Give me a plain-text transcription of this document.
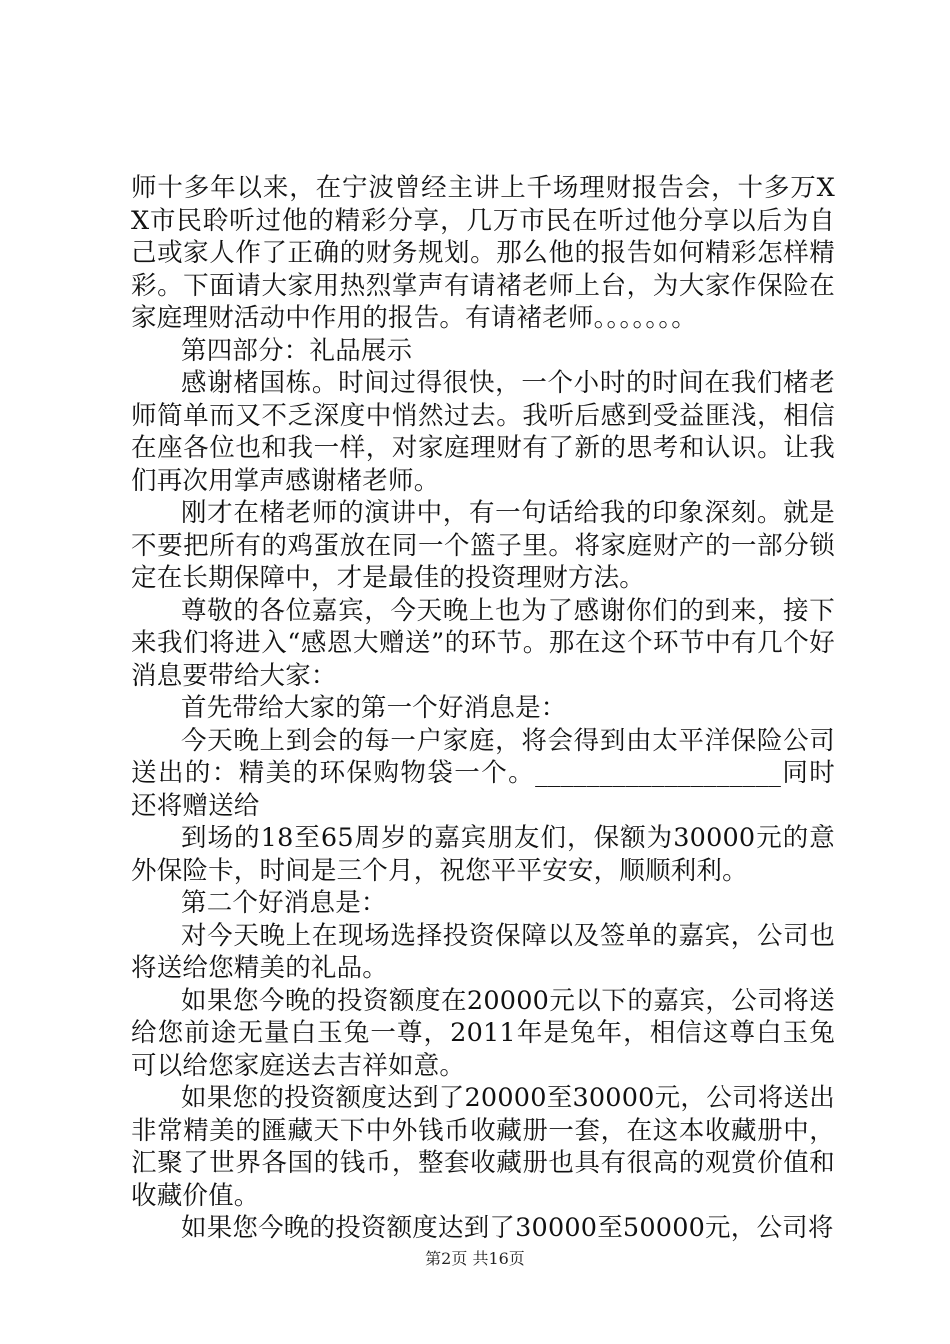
师十多年以来，在宁波曾经主讲上千场理财报告会，十多万XX市民聆听过他的精彩分享，几万市民在听过他分享以后为自己或家人作了正确的财务规划。那么他的报告如何精彩怎样精彩。下面请大家用热烈掌声有请褚老师上台，为大家作保险在家庭理财活动中作用的报告。有请褚老师。。。。。。。

第四部分：礼品展示

感谢楮国栋。时间过得很快，一个小时的时间在我们楮老师简单而又不乏深度中悄然过去。我听后感到受益匪浅，相信在座各位也和我一样，对家庭理财有了新的思考和认识。让我们再次用掌声感谢楮老师。

刚才在楮老师的演讲中，有一句话给我的印象深刻。就是不要把所有的鸡蛋放在同一个篮子里。将家庭财产的一部分锁定在长期保障中，才是最佳的投资理财方法。

尊敬的各位嘉宾，今天晚上也为了感谢你们的到来，接下来我们将进入“感恩大赠送”的环节。那在这个环节中有几个好消息要带给大家：

首先带给大家的第一个好消息是：

今天晚上到会的每一户家庭，将会得到由太平洋保险公司送出的：精美的环保购物袋一个。___________________同时还将赠送给

到场的18至65周岁的嘉宾朋友们，保额为30000元的意外保险卡，时间是三个月，祝您平平安安，顺顺利利。

第二个好消息是：

对今天晚上在现场选择投资保障以及签单的嘉宾，公司也将送给您精美的礼品。

如果您今晚的投资额度在20000元以下的嘉宾，公司将送给您前途无量白玉兔一尊，2011年是兔年，相信这尊白玉兔可以给您家庭送去吉祥如意。

如果您的投资额度达到了20000至30000元，公司将送出非常精美的匯藏天下中外钱币收藏册一套，在这本收藏册中，汇聚了世界各国的钱币，整套收藏册也具有很高的观赏价值和收藏价值。

如果您今晚的投资额度达到了30000至50000元，公司将

第2页 共16页
